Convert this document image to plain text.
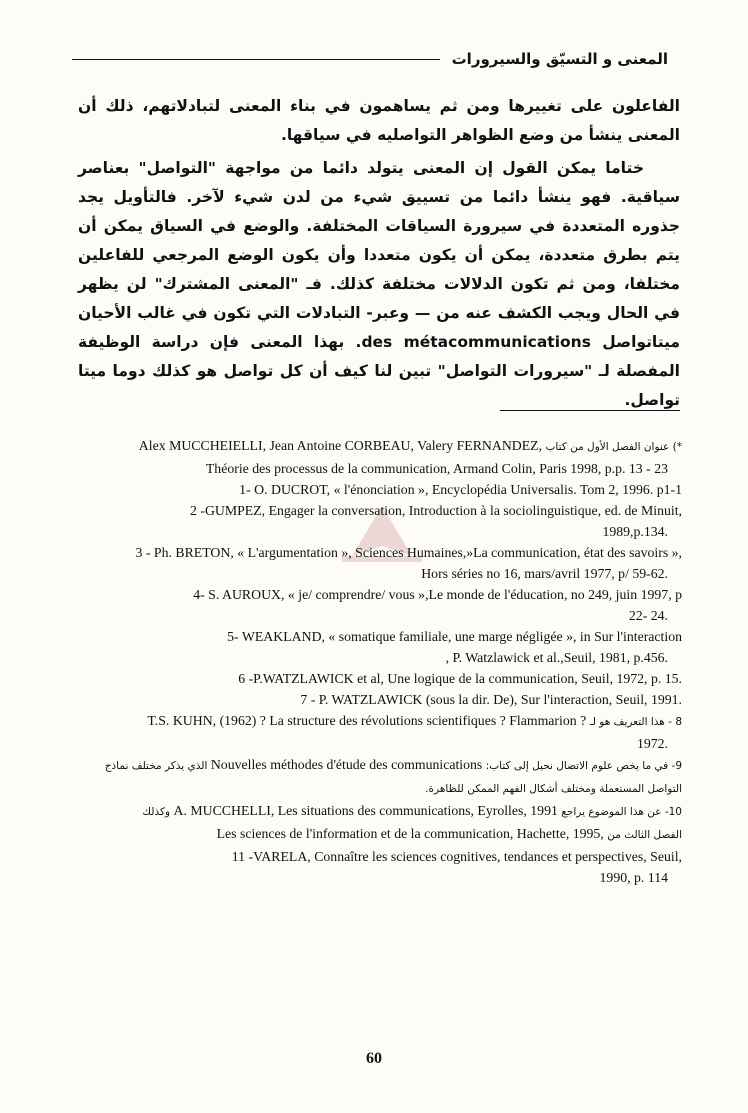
المعنى و التسيّق والسيرورات

الفاعلون على تغييرها ومن ثم يساهمون في بناء المعنى لتبادلاتهم، ذلك أن المعنى ينشأ من وضع الظواهر التواصليه في سياقها.

ختاما يمكن القول إن المعنى يتولد دائما من مواجهة "التواصل" بعناصر سياقية. فهو ينشأ دائما من تسييق شيء من لدن شيء لآخر. فالتأويل يجد جذوره المتعددة في سيرورة السياقات المختلفة. والوضع في السياق يمكن أن يتم بطرق متعددة، يمكن أن يكون متعددا وأن يكون الوضع المرجعي للفاعلين مختلفا، ومن ثم تكون الدلالات مختلفة كذلك. فـ "المعنى المشترك" لن يظهر في الحال ويجب الكشف عنه من — وعبر- التبادلات التي تكون في غالب الأحيان ميتاتواصل des métacommunications. بهذا المعنى فإن دراسة الوظيفة المفصلة لـ "سيرورات التواصل" تبين لنا كيف أن كل تواصل هو كذلك دوما ميتا تواصل.

*) عنوان الفصل الأول من كتاب Alex MUCCHEIELLI, Jean Antoine CORBEAU, Valery FERNANDEZ,
Théorie des processus de la communication, Armand Colin, Paris 1998, p.p. 13 - 23
1- O. DUCROT, « l'énonciation », Encyclopédia Universalis. Tom 2, 1996. p1-1
2 -GUMPEZ, Engager la conversation, Introduction à la sociolinguistique, ed. de Minuit,
1989,p.134.
3 - Ph. BRETON, « L'argumentation », Sciences Humaines,»La communication, état des savoirs »,
Hors séries no 16, mars/avril 1977, p/ 59-62.
4- S. AUROUX, « je/ comprendre/ vous »,Le monde de l'éducation, no 249, juin 1997, p
22- 24.
5- WEAKLAND, « somatique familiale, une marge négligée », in Sur l'interaction
, P. Watzlawick et al.,Seuil, 1981, p.456.
6 -P.WATZLAWICK et al, Une logique de la communication, Seuil, 1972, p. 15.
7 - P. WATZLAWICK (sous la dir. De), Sur l'interaction, Seuil, 1991.
8 - هذا التعريف هو لـ T.S. KUHN, (1962) ? La structure des révolutions scientifiques ? Flammarion ?
1972.
9- في ما يخص علوم الاتصال نحيل إلى كتاب: Nouvelles méthodes d'étude des communications الذي يذكر مختلف نماذج
التواصل المستعملة ومختلف أشكال الفهم الممكن للظاهرة.
10- عن هذا الموضوع يراجع A. MUCCHELLI, Les situations des communications, Eyrolles, 1991 وكذلك
الفصل الثالث من Les sciences de l'information et de la communication, Hachette, 1995,
11 -VARELA, Connaître les sciences cognitives, tendances et perspectives, Seuil,
1990, p. 114
60
